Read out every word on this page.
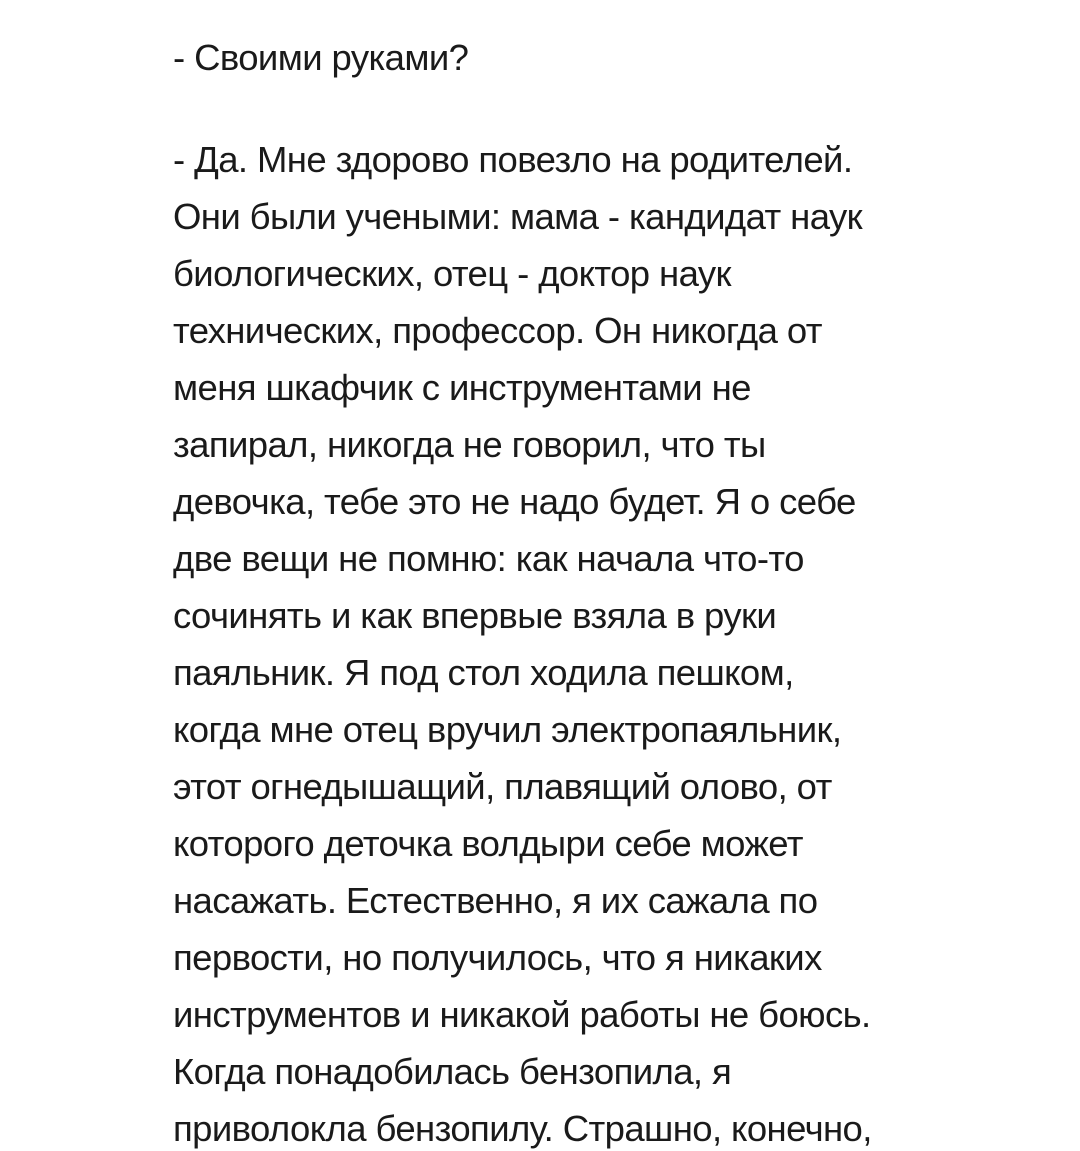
- Своими руками?
- Да. Мне здорово повезло на родителей.
Они были учеными: мама - кандидат наук
биологических, отец - доктор наук
технических, профессор. Он никогда от
меня шкафчик с инструментами не
запирал, никогда не говорил, что ты
девочка, тебе это не надо будет. Я о себе
две вещи не помню: как начала что-то
сочинять и как впервые взяла в руки
паяльник. Я под стол ходила пешком,
когда мне отец вручил электропаяльник,
этот огнедышащий, плавящий олово, от
которого деточка волдыри себе может
насажать. Естественно, я их сажала по
первости, но получилось, что я никаких
инструментов и никакой работы не боюсь.
Когда понадобилась бензопила, я
приволокла бензопилу. Страшно, конечно,
